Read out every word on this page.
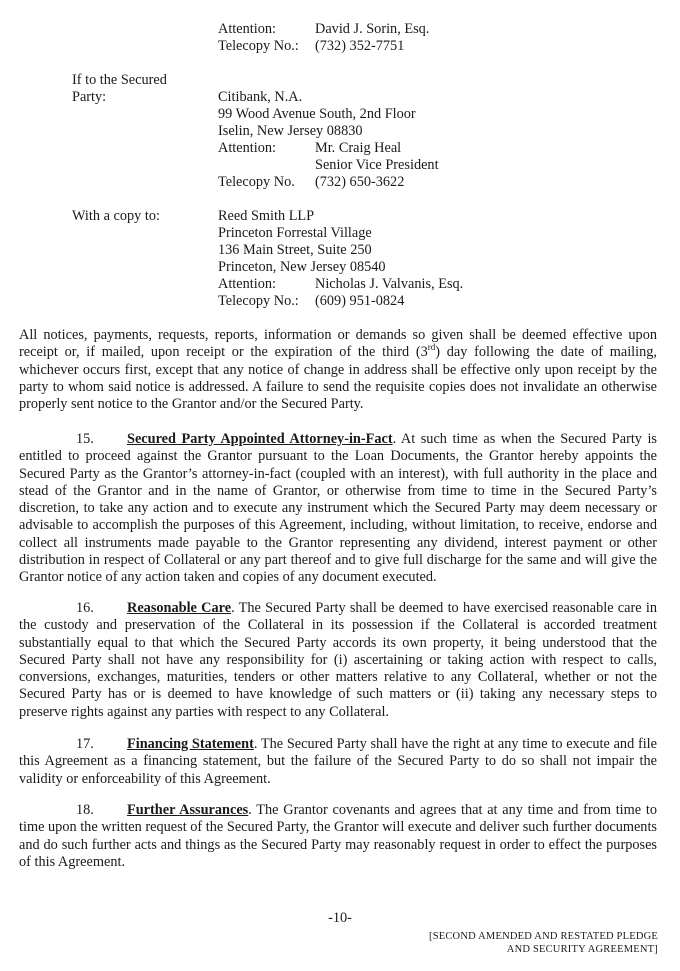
Attention:	David J. Sorin, Esq.
Telecopy No.: (732) 352-7751
If to the Secured
Party:	Citibank, N.A.
99 Wood Avenue South, 2nd Floor
Iselin, New Jersey 08830
Attention:	Mr. Craig Heal
Senior Vice President
Telecopy No. (732) 650-3622
With a copy to:	Reed Smith LLP
Princeton Forrestal Village
136 Main Street, Suite 250
Princeton, New Jersey 08540
Attention:	Nicholas J. Valvanis, Esq.
Telecopy No.: (609) 951-0824
All notices, payments, requests, reports, information or demands so given shall be deemed effective upon receipt or, if mailed, upon receipt or the expiration of the third (3rd) day following the date of mailing, whichever occurs first, except that any notice of change in address shall be effective only upon receipt by the party to whom said notice is addressed. A failure to send the requisite copies does not invalidate an otherwise properly sent notice to the Grantor and/or the Secured Party.
15. Secured Party Appointed Attorney-in-Fact. At such time as when the Secured Party is entitled to proceed against the Grantor pursuant to the Loan Documents, the Grantor hereby appoints the Secured Party as the Grantor’s attorney-in-fact (coupled with an interest), with full authority in the place and stead of the Grantor and in the name of Grantor, or otherwise from time to time in the Secured Party’s discretion, to take any action and to execute any instrument which the Secured Party may deem necessary or advisable to accomplish the purposes of this Agreement, including, without limitation, to receive, endorse and collect all instruments made payable to the Grantor representing any dividend, interest payment or other distribution in respect of Collateral or any part thereof and to give full discharge for the same and will give the Grantor notice of any action taken and copies of any document executed.
16. Reasonable Care. The Secured Party shall be deemed to have exercised reasonable care in the custody and preservation of the Collateral in its possession if the Collateral is accorded treatment substantially equal to that which the Secured Party accords its own property, it being understood that the Secured Party shall not have any responsibility for (i) ascertaining or taking action with respect to calls, conversions, exchanges, maturities, tenders or other matters relative to any Collateral, whether or not the Secured Party has or is deemed to have knowledge of such matters or (ii) taking any necessary steps to preserve rights against any parties with respect to any Collateral.
17. Financing Statement. The Secured Party shall have the right at any time to execute and file this Agreement as a financing statement, but the failure of the Secured Party to do so shall not impair the validity or enforceability of this Agreement.
18. Further Assurances. The Grantor covenants and agrees that at any time and from time to time upon the written request of the Secured Party, the Grantor will execute and deliver such further documents and do such further acts and things as the Secured Party may reasonably request in order to effect the purposes of this Agreement.
-10-
[SECOND AMENDED AND RESTATED PLEDGE
AND SECURITY AGREEMENT]
